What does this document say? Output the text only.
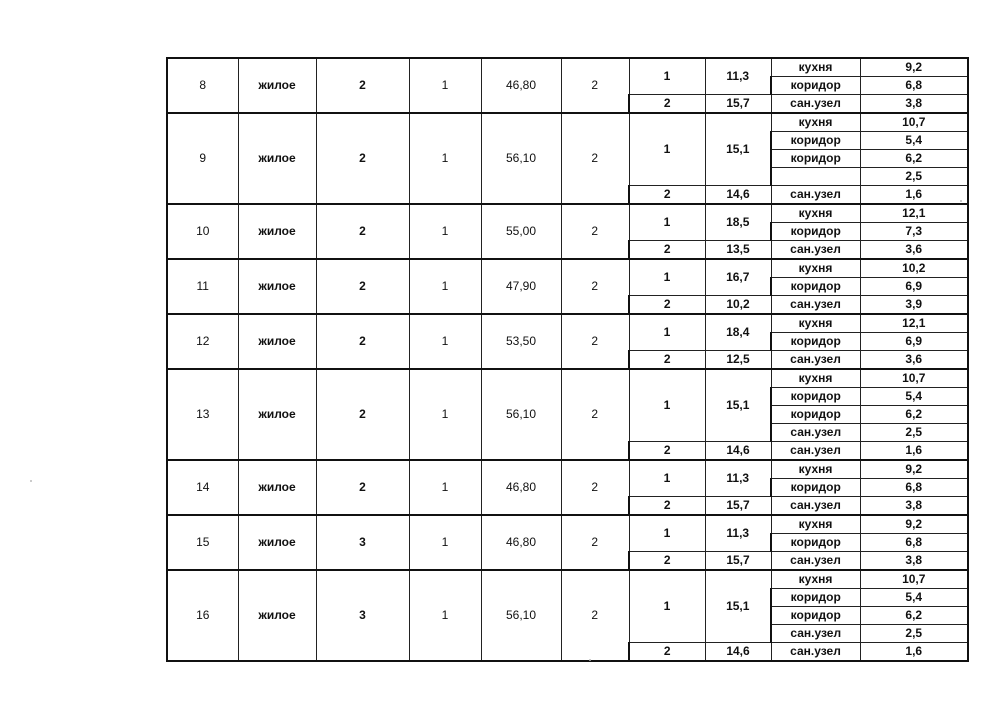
8	жилое	2	1	46,80	2	1	11,3	кухня	9,2
								коридор	6,8
						2	15,7	сан.узел	3,8
9	жилое	2	1	56,10	2	1	15,1	кухня	10,7
								коридор	5,4
								коридор	6,2
									2,5
						2	14,6	сан.узел	1,6
10	жилое	2	1	55,00	2	1	18,5	кухня	12,1
								коридор	7,3
						2	13,5	сан.узел	3,6
11	жилое	2	1	47,90	2	1	16,7	кухня	10,2
								коридор	6,9
						2	10,2	сан.узел	3,9
12	жилое	2	1	53,50	2	1	18,4	кухня	12,1
								коридор	6,9
						2	12,5	сан.узел	3,6
13	жилое	2	1	56,10	2	1	15,1	кухня	10,7
								коридор	5,4
								коридор	6,2
								сан.узел	2,5
						2	14,6	сан.узел	1,6
14	жилое	2	1	46,80	2	1	11,3	кухня	9,2
								коридор	6,8
						2	15,7	сан.узел	3,8
15	жилое	3	1	46,80	2	1	11,3	кухня	9,2
								коридор	6,8
						2	15,7	сан.узел	3,8
16	жилое	3	1	56,10	2	1	15,1	кухня	10,7
								коридор	5,4
								коридор	6,2
								сан.узел	2,5
						2	14,6	сан.узел	1,6
